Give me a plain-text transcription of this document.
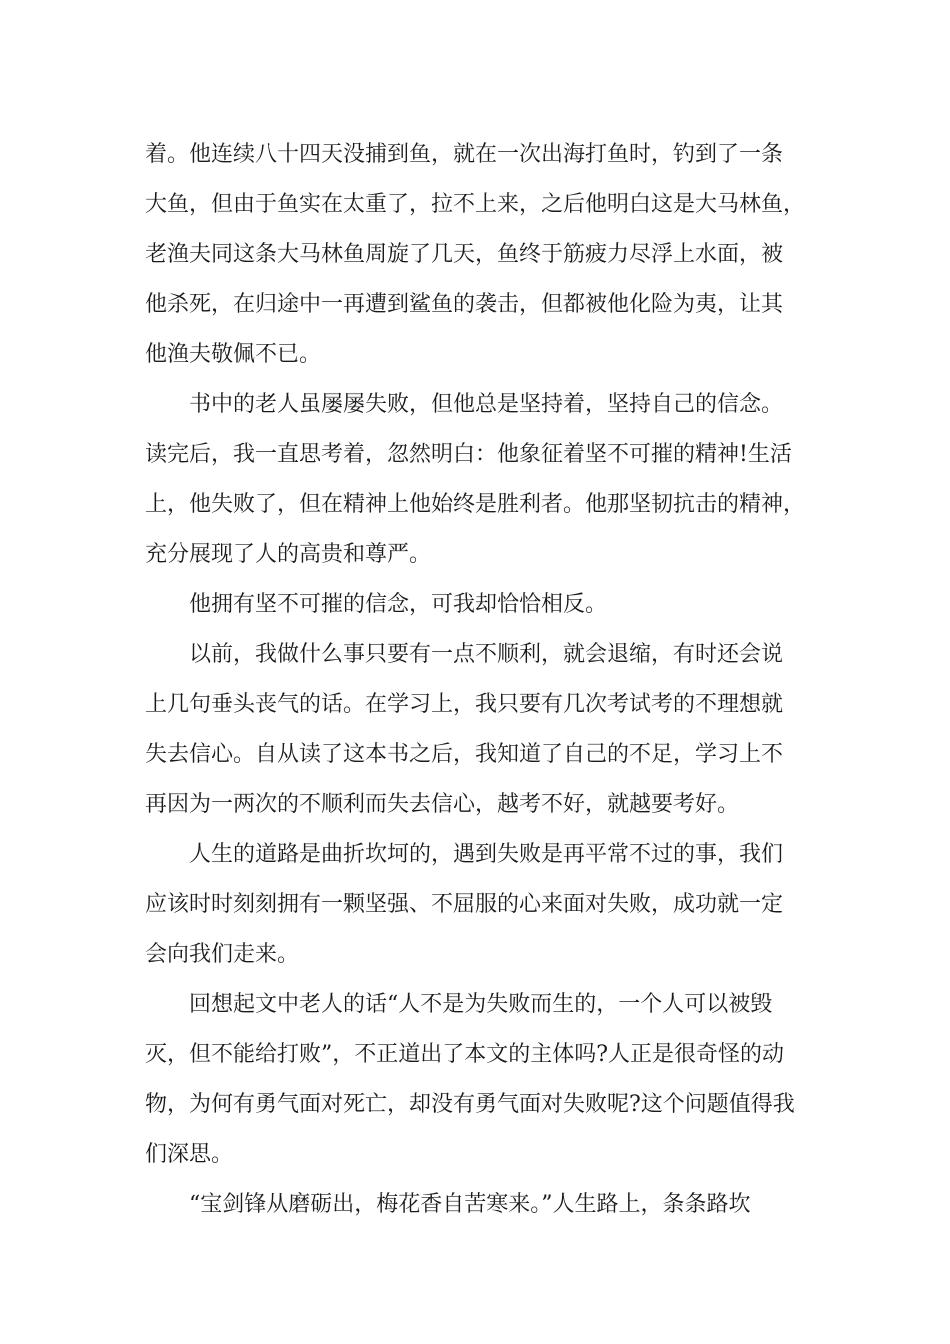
着。他连续八十四天没捕到鱼，就在一次出海打鱼时，钓到了一条
大鱼，但由于鱼实在太重了，拉不上来，之后他明白这是大马林鱼，
老渔夫同这条大马林鱼周旋了几天，鱼终于筋疲力尽浮上水面，被
他杀死，在归途中一再遭到鲨鱼的袭击，但都被他化险为夷，让其
他渔夫敬佩不已。
　　书中的老人虽屡屡失败，但他总是坚持着，坚持自己的信念。
读完后，我一直思考着，忽然明白：他象征着坚不可摧的精神!生活
上，他失败了，但在精神上他始终是胜利者。他那坚韧抗击的精神，
充分展现了人的高贵和尊严。
　　他拥有坚不可摧的信念，可我却恰恰相反。
　　以前，我做什么事只要有一点不顺利，就会退缩，有时还会说
上几句垂头丧气的话。在学习上，我只要有几次考试考的不理想就
失去信心。自从读了这本书之后，我知道了自己的不足，学习上不
再因为一两次的不顺利而失去信心，越考不好，就越要考好。
　　人生的道路是曲折坎坷的，遇到失败是再平常不过的事，我们
应该时时刻刻拥有一颗坚强、不屈服的心来面对失败，成功就一定
会向我们走来。
　　回想起文中老人的话“人不是为失败而生的，一个人可以被毁
灭，但不能给打败”，不正道出了本文的主体吗?人正是很奇怪的动
物，为何有勇气面对死亡，却没有勇气面对失败呢?这个问题值得我
们深思。
　　“宝剑锋从磨砺出，梅花香自苦寒来。”人生路上，条条路坎
